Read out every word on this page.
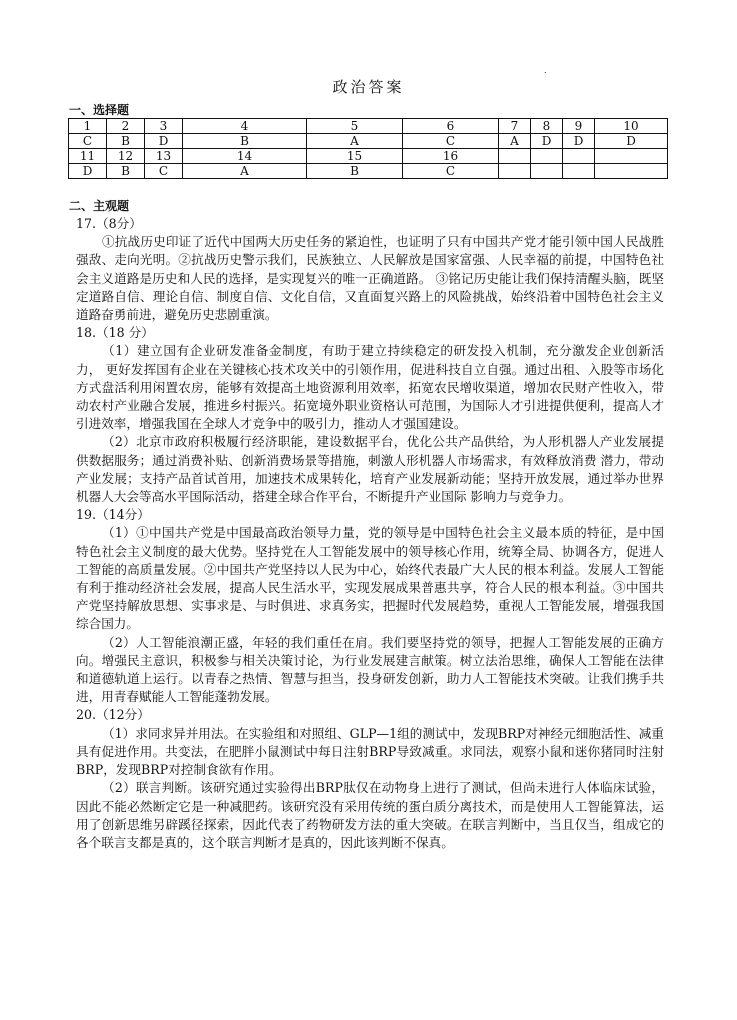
.
政治答案
一、选择题
1	2	3	4	5	6	7	8	9	10
C	B	D	B	A	C	A	D	D	D
11	12	13	14	15	16				
D	B	C	A	B	C				
二、主观题

17.（8分）

①抗战历史印证了近代中国两大历史任务的紧迫性，也证明了只有中国共产党才能引领中国人民战胜强敌、走向光明。②抗战历史警示我们，民族独立、人民解放是国家富强、人民幸福的前提，中国特色社会主义道路是历史和人民的选择，是实现复兴的唯一正确道路。 ③铭记历史能让我们保持清醒头脑，既坚定道路自信、理论自信、制度自信、文化自信，又直面复兴路上的风险挑战，始终沿着中国特色社会主义道路奋勇前进，避免历史悲剧重演。

18.（18 分）

（1）建立国有企业研发准备金制度，有助于建立持续稳定的研发投入机制，充分激发企业创新活力， 更好发挥国有企业在关键核心技术攻关中的引领作用，促进科技自立自强。通过出租、入股等市场化方式盘活利用闲置农房，能够有效提高土地资源利用效率，拓宽农民增收渠道，增加农民财产性收入，带动农村产业融合发展，推进乡村振兴。拓宽境外职业资格认可范围，为国际人才引进提供便利，提高人才引进效率，增强我国在全球人才竞争中的吸引力，推动人才强国建设。

（2）北京市政府积极履行经济职能，建设数据平台，优化公共产品供给，为人形机器人产业发展提 供数据服务；通过消费补贴、创新消费场景等措施，刺激人形机器人市场需求，有效释放消费 潜力，带动产业发展；支持产品首试首用，加速技术成果转化，培育产业发展新动能；坚持开放发展，通过举办世界机器人大会等高水平国际活动，搭建全球合作平台，不断提升产业国际 影响力与竞争力。

19.（14分）

（1）①中国共产党是中国最高政治领导力量，党的领导是中国特色社会主义最本质的特征，是中国特色社会主义制度的最大优势。坚持党在人工智能发展中的领导核心作用，统筹全局、协调各方，促进人工智能的高质量发展。②中国共产党坚持以人民为中心，始终代表最广大人民的根本利益。发展人工智能有利于推动经济社会发展，提高人民生活水平，实现发展成果普惠共享，符合人民的根本利益。③中国共产党坚持解放思想、实事求是、与时俱进、求真务实，把握时代发展趋势，重视人工智能发展，增强我国综合国力。

（2）人工智能浪潮正盛，年轻的我们重任在肩。我们要坚持党的领导，把握人工智能发展的正确方向。增强民主意识，积极参与相关决策讨论，为行业发展建言献策。树立法治思维，确保人工智能在法律和道德轨道上运行。以青春之热情、智慧与担当，投身研发创新，助力人工智能技术突破。让我们携手共进，用青春赋能人工智能蓬勃发展。

20.（12分）

（1）求同求异并用法。在实验组和对照组、GLP—1组的测试中，发现BRP对神经元细胞活性、减重具有促进作用。共变法，在肥胖小鼠测试中每日注射BRP导致减重。求同法，观察小鼠和迷你猪同时注射BRP，发现BRP对控制食欲有作用。

（2）联言判断。该研究通过实验得出BRP肽仅在动物身上进行了测试，但尚未进行人体临床试验，因此不能必然断定它是一种减肥药。该研究没有采用传统的蛋白质分离技术，而是使用人工智能算法，运用了创新思维另辟蹊径探索，因此代表了药物研发方法的重大突破。在联言判断中，当且仅当，组成它的各个联言支都是真的，这个联言判断才是真的，因此该判断不保真。
